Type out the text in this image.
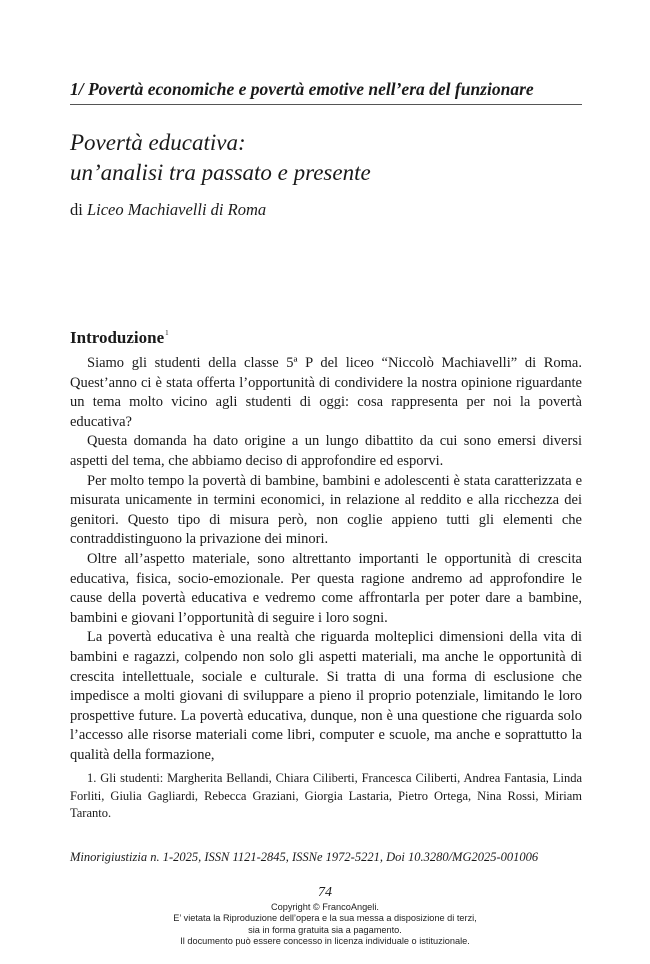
1/ Povertà economiche e povertà emotive nell’era del funzionare
Povertà educativa:
un’analisi tra passato e presente
di Liceo Machiavelli di Roma
Introduzione$^1$

Siamo gli studenti della classe 5ª P del liceo “Niccolò Machiavelli” di Roma. Quest’anno ci è stata offerta l’opportunità di condividere la nostra opinione riguardante un tema molto vicino agli studenti di oggi: cosa rappresenta per noi la povertà educativa?

Questa domanda ha dato origine a un lungo dibattito da cui sono emersi diversi aspetti del tema, che abbiamo deciso di approfondire ed esporvi.

Per molto tempo la povertà di bambine, bambini e adolescenti è stata caratterizzata e misurata unicamente in termini economici, in relazione al reddito e alla ricchezza dei genitori. Questo tipo di misura però, non coglie appieno tutti gli elementi che contraddistinguono la privazione dei minori.

Oltre all’aspetto materiale, sono altrettanto importanti le opportunità di crescita educativa, fisica, socio-emozionale. Per questa ragione andremo ad approfondire le cause della povertà educativa e vedremo come affrontarla per poter dare a bambine, bambini e giovani l’opportunità di seguire i loro sogni.

La povertà educativa è una realtà che riguarda molteplici dimensioni della vita di bambini e ragazzi, colpendo non solo gli aspetti materiali, ma anche le opportunità di crescita intellettuale, sociale e culturale. Si tratta di una forma di esclusione che impedisce a molti giovani di sviluppare a pieno il proprio potenziale, limitando le loro prospettive future. La povertà educativa, dunque, non è una questione che riguarda solo l’accesso alle risorse materiali come libri, computer e scuole, ma anche e soprattutto la qualità della formazione,

1. Gli studenti: Margherita Bellandi, Chiara Ciliberti, Francesca Ciliberti, Andrea Fantasia, Linda Forliti, Giulia Gagliardi, Rebecca Graziani, Giorgia Lastaria, Pietro Ortega, Nina Rossi, Miriam Taranto.
Minorigiustizia n. 1-2025, ISSN 1121-2845, ISSNe 1972-5221, Doi 10.3280/MG2025-001006
74
Copyright © FrancoAngeli.
E’ vietata la Riproduzione dell’opera e la sua messa a disposizione di terzi,
sia in forma gratuita sia a pagamento.
Il documento può essere concesso in licenza individuale o istituzionale.
